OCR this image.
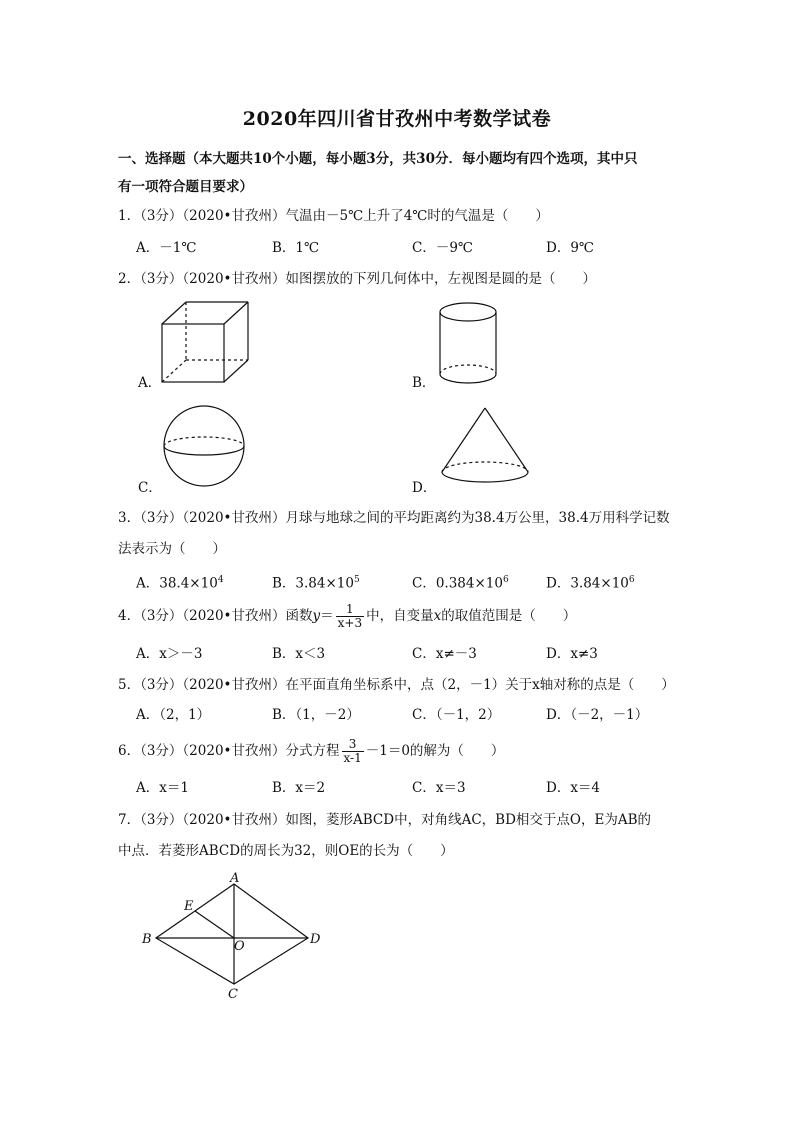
2020年四川省甘孜州中考数学试卷
一、选择题（本大题共10个小题，每小题3分，共30分．每小题均有四个选项，其中只
有一项符合题目要求）
1．（3分）（2020•甘孜州）气温由－5℃上升了4℃时的气温是（　　）
A．－1℃	B．1℃	C．－9℃	D．9℃
2．（3分）（2020•甘孜州）如图摆放的下列几何体中，左视图是圆的是（　　）
A．	B．
C．	D．
3．（3分）（2020•甘孜州）月球与地球之间的平均距离约为38.4万公里，38.4万用科学记数
法表示为（　　）
A．$38.4\times 10^4$	B．$3.84\times 10^5$	C．$0.384\times 10^6$	D．$3.84\times 10^6$
4．（3分）（2020•甘孜州）函数$y= \frac{1}{x+3}$ 中，自变量x的取值范围是（　　）
A．x＞－3	B．x＜3	C．x≠－3	D．x≠3
5．（3分）（2020•甘孜州）在平面直角坐标系中，点（2，－1）关于x轴对称的点是（　　）
A．（2，1）	B．（1，－2）	C．（－1，2）	D．（－2，－1）
6．（3分）（2020•甘孜州）分式方程 $\frac{3}{x-1} -1=0$的解为（　　）
A．x＝1	B．x＝2	C．x＝3	D．x＝4
7．（3分）（2020•甘孜州）如图，菱形ABCD中，对角线AC，BD相交于点O，E为AB的
中点．若菱形ABCD的周长为32，则OE的长为（　　）
A
B
C
D
E
O
